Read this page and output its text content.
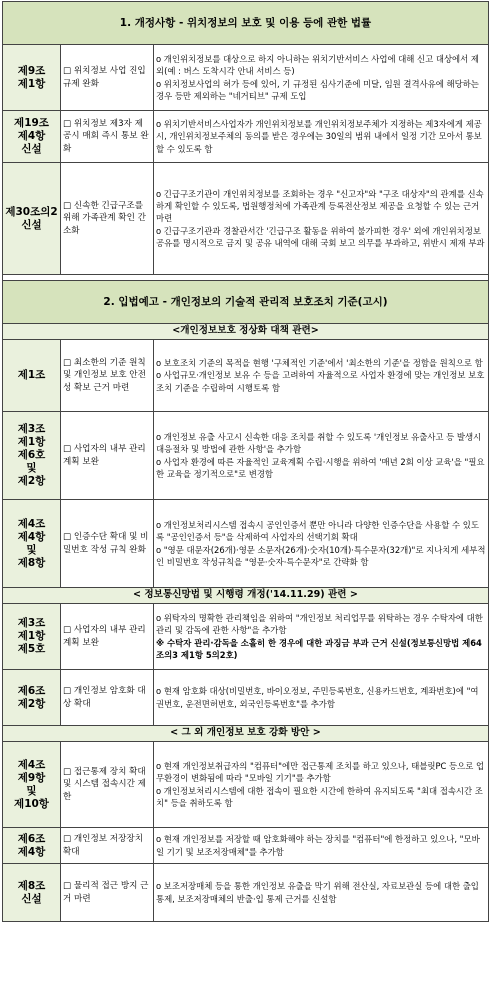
1. 개정사항 - 위치정보의 보호 및 이용 등에 관한 법률		

제9조
제1항	□ 위치정보 사업 진입규제 완화	o 개인위치정보를 대상으로 하지 아니하는 위치기반서비스 사업에 대해 신고 대상에서 제외(예 : 버스 도착시각 안내 서비스 등)
o 위치정보사업의 허가 등에 있어, 기 규정된 심사기준에 미달, 임원 결격사유에 해당하는 경우 등만 제외하는 "네거티브" 규제 도입

제19조
제4항
신설	□ 위치정보 제3자 제공시 매회 즉시 통보 완화	o 위치기반서비스사업자가 개인위치정보를 개인위치정보주체가 지정하는 제3자에게 제공시, 개인위치정보주체의 동의를 받은 경우에는 30일의 범위 내에서 일정 기간 모아서 통보할 수 있도록 함

제30조의2
신설	□ 신속한 긴급구조를 위해 가족관계 확인 간소화	o 긴급구조기관이 개인위치정보를 조회하는 경우 "신고자"와 "구조 대상자"의 관계를 신속하게 확인할 수 있도록, 법원행정처에 가족관계 등록전산정보 제공을 요청할 수 있는 근거 마련
o 긴급구조기관과 경찰관서간 '긴급구조 활동을 위하여 불가피한 경우' 외에 개인위치정보 공유를 명시적으로 금지 및 공유 내역에 대해 국회 보고 의무를 부과하고, 위반시 제재 부과

2. 입법예고 - 개인정보의 기술적 관리적 보호조치 기준(고시)		
<개인정보보호 정상화 대책 관련>		

제1조	□ 최소한의 기준 원칙 및 개인정보 보호 안전성 확보 근거 마련	o 보호조치 기준의 목적을 현행 '구체적인 기준'에서 '최소한의 기준'을 정함을 원칙으로 함
o 사업규모·개인정보 보유 수 등을 고려하여 자율적으로 사업자 환경에 맞는 개인정보 보호조치 기준을 수립하여 시행토록 함

제3조
제1항
제6호
및
제2항	□ 사업자의 내부 관리계획 보완	o 개인정보 유출 사고시 신속한 대응 조치를 취할 수 있도록 '개인정보 유출사고 등 발생시 대응절차 및 방법에 관한 사항'을 추가함
o 사업자 환경에 따른 자율적인 교육계획 수립·시행을 위하여 '매년 2회 이상 교육'을 "필요한 교육을 정기적으로"로 변경함

제4조
제4항
및
제8항	□ 인증수단 확대 및 비밀번호 작성 규칙 완화	o 개인정보처리시스템 접속시 공인인증서 뿐만 아니라 다양한 인증수단을 사용할 수 있도록 "공인인증서 등"을 삭제하여 사업자의 선택기회 확대
o "영문 대문자(26개)·영문 소문자(26개)·숫자(10개)·특수문자(32개)"로 지나치게 세부적인 비밀번호 작성규칙을 "영문·숫자·특수문자"로 간략화 함

< 정보통신망법 및 시행령 개정('14.11.29) 관련 >		

제3조
제1항
제5호	□ 사업자의 내부 관리계획 보완	o 위탁자의 명확한 관리책임을 위하여 "개인정보 처리업무를 위탁하는 경우 수탁자에 대한 관리 및 감독에 관한 사항"을 추가함
※ 수탁자 관리·감독을 소홀히 한 경우에 대한 과징금 부과 근거 신설(정보통신망법 제64조의3 제1항 5의2호)

제6조
제2항	□ 개인정보 암호화 대상 확대	o 현재 암호화 대상(비밀번호, 바이오정보, 주민등록번호, 신용카드번호, 계좌번호)에 "여권번호, 운전면허번호, 외국인등록번호"를 추가함

< 그 외 개인정보 보호 강화 방안 >		

제4조
제9항
및
제10항	□ 접근통제 장치 확대 및 시스템 접속시간 제한	o 현재 개인정보취급자의 "컴퓨터"에만 접근통제 조치를 하고 있으나, 태블릿PC 등으로 업무환경이 변화됨에 따라 "모바일 기기"를 추가함
o 개인정보처리시스템에 대한 접속이 필요한 시간에 한하여 유지되도록 "최대 접속시간 조치" 등을 취하도록 함

제6조
제4항	□ 개인정보 저장장치 확대	o 현재 개인정보를 저장할 때 암호화해야 하는 장치를 "컴퓨터"에 한정하고 있으나, "모바일 기기 및 보조저장매체"를 추가함

제8조
신설	□ 물리적 접근 방지 근거 마련	o 보조저장매체 등을 통한 개인정보 유출을 막기 위해 전산실, 자료보관실 등에 대한 출입통제, 보조저장매체의 반출·입 통제 근거를 신설함
